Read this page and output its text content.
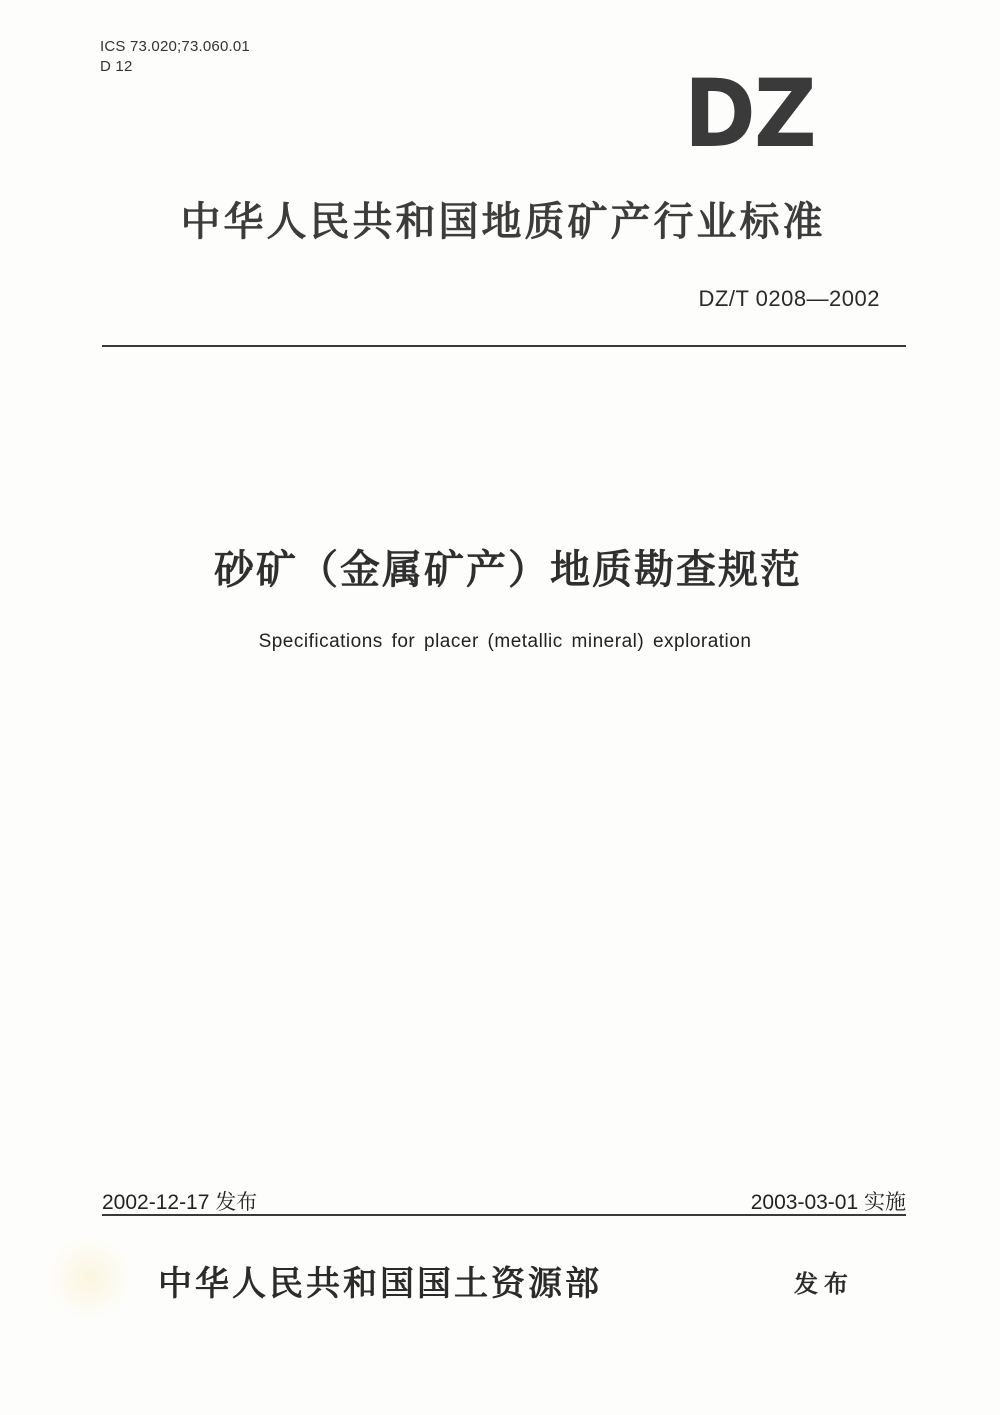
ICS 73.020;73.060.01
D 12	DZ
中华人民共和国地质矿产行业标准
DZ/T 0208—2002
砂矿（金属矿产）地质勘查规范
Specifications for placer (metallic mineral) exploration
2002-12-17 发布	2003-03-01 实施
中华人民共和国国土资源部	发布
